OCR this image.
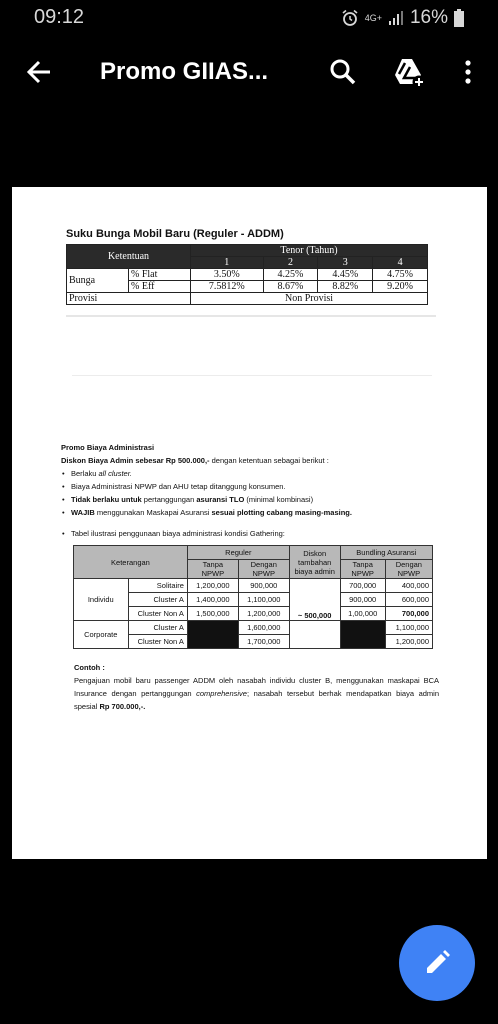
09:12	4G+ 16%
Promo GIIAS...
Suku Bunga Mobil Baru (Reguler - ADDM)
Ketentuan		Tenor (Tahun)			
		1	2	3	4
Bunga	% Flat	3.50%	4.25%	4.45%	4.75%
	% Eff	7.5812%	8.67%	8.82%	9.20%
Provisi		Non Provisi			
Promo Biaya Administrasi
Diskon Biaya Admin sebesar Rp 500.000,- dengan ketentuan sebagai berikut :
• Berlaku all cluster.
• Biaya Administrasi NPWP dan AHU tetap ditanggung konsumen.
• Tidak berlaku untuk pertanggungan asuransi TLO (minimal kombinasi)
• WAJIB menggunakan Maskapai Asuransi sesuai plotting cabang masing-masing.
• Tabel ilustrasi penggunaan biaya administrasi kondisi Gathering:
Keterangan		Reguler		Diskon tambahan biaya admin	Bundling Asuransi	
		Tanpa NPWP	Dengan NPWP		Tanpa NPWP	Dengan NPWP
Individu	Solitaire	1,200,000	900,000	~ 500,000	700,000	400,000
	Cluster A	1,400,000	1,100,000		900,000	600,000
	Cluster Non A	1,500,000	1,200,000		1,00,000	700,000
Corporate	Cluster A		1,600,000			1,100,000
	Cluster Non A		1,700,000			1,200,000
Contoh :

Pengajuan mobil baru passenger ADDM oleh nasabah individu cluster B, menggunakan maskapai BCA Insurance dengan pertanggungan comprehensive; nasabah tersebut berhak mendapatkan biaya admin spesial Rp 700.000,-.
